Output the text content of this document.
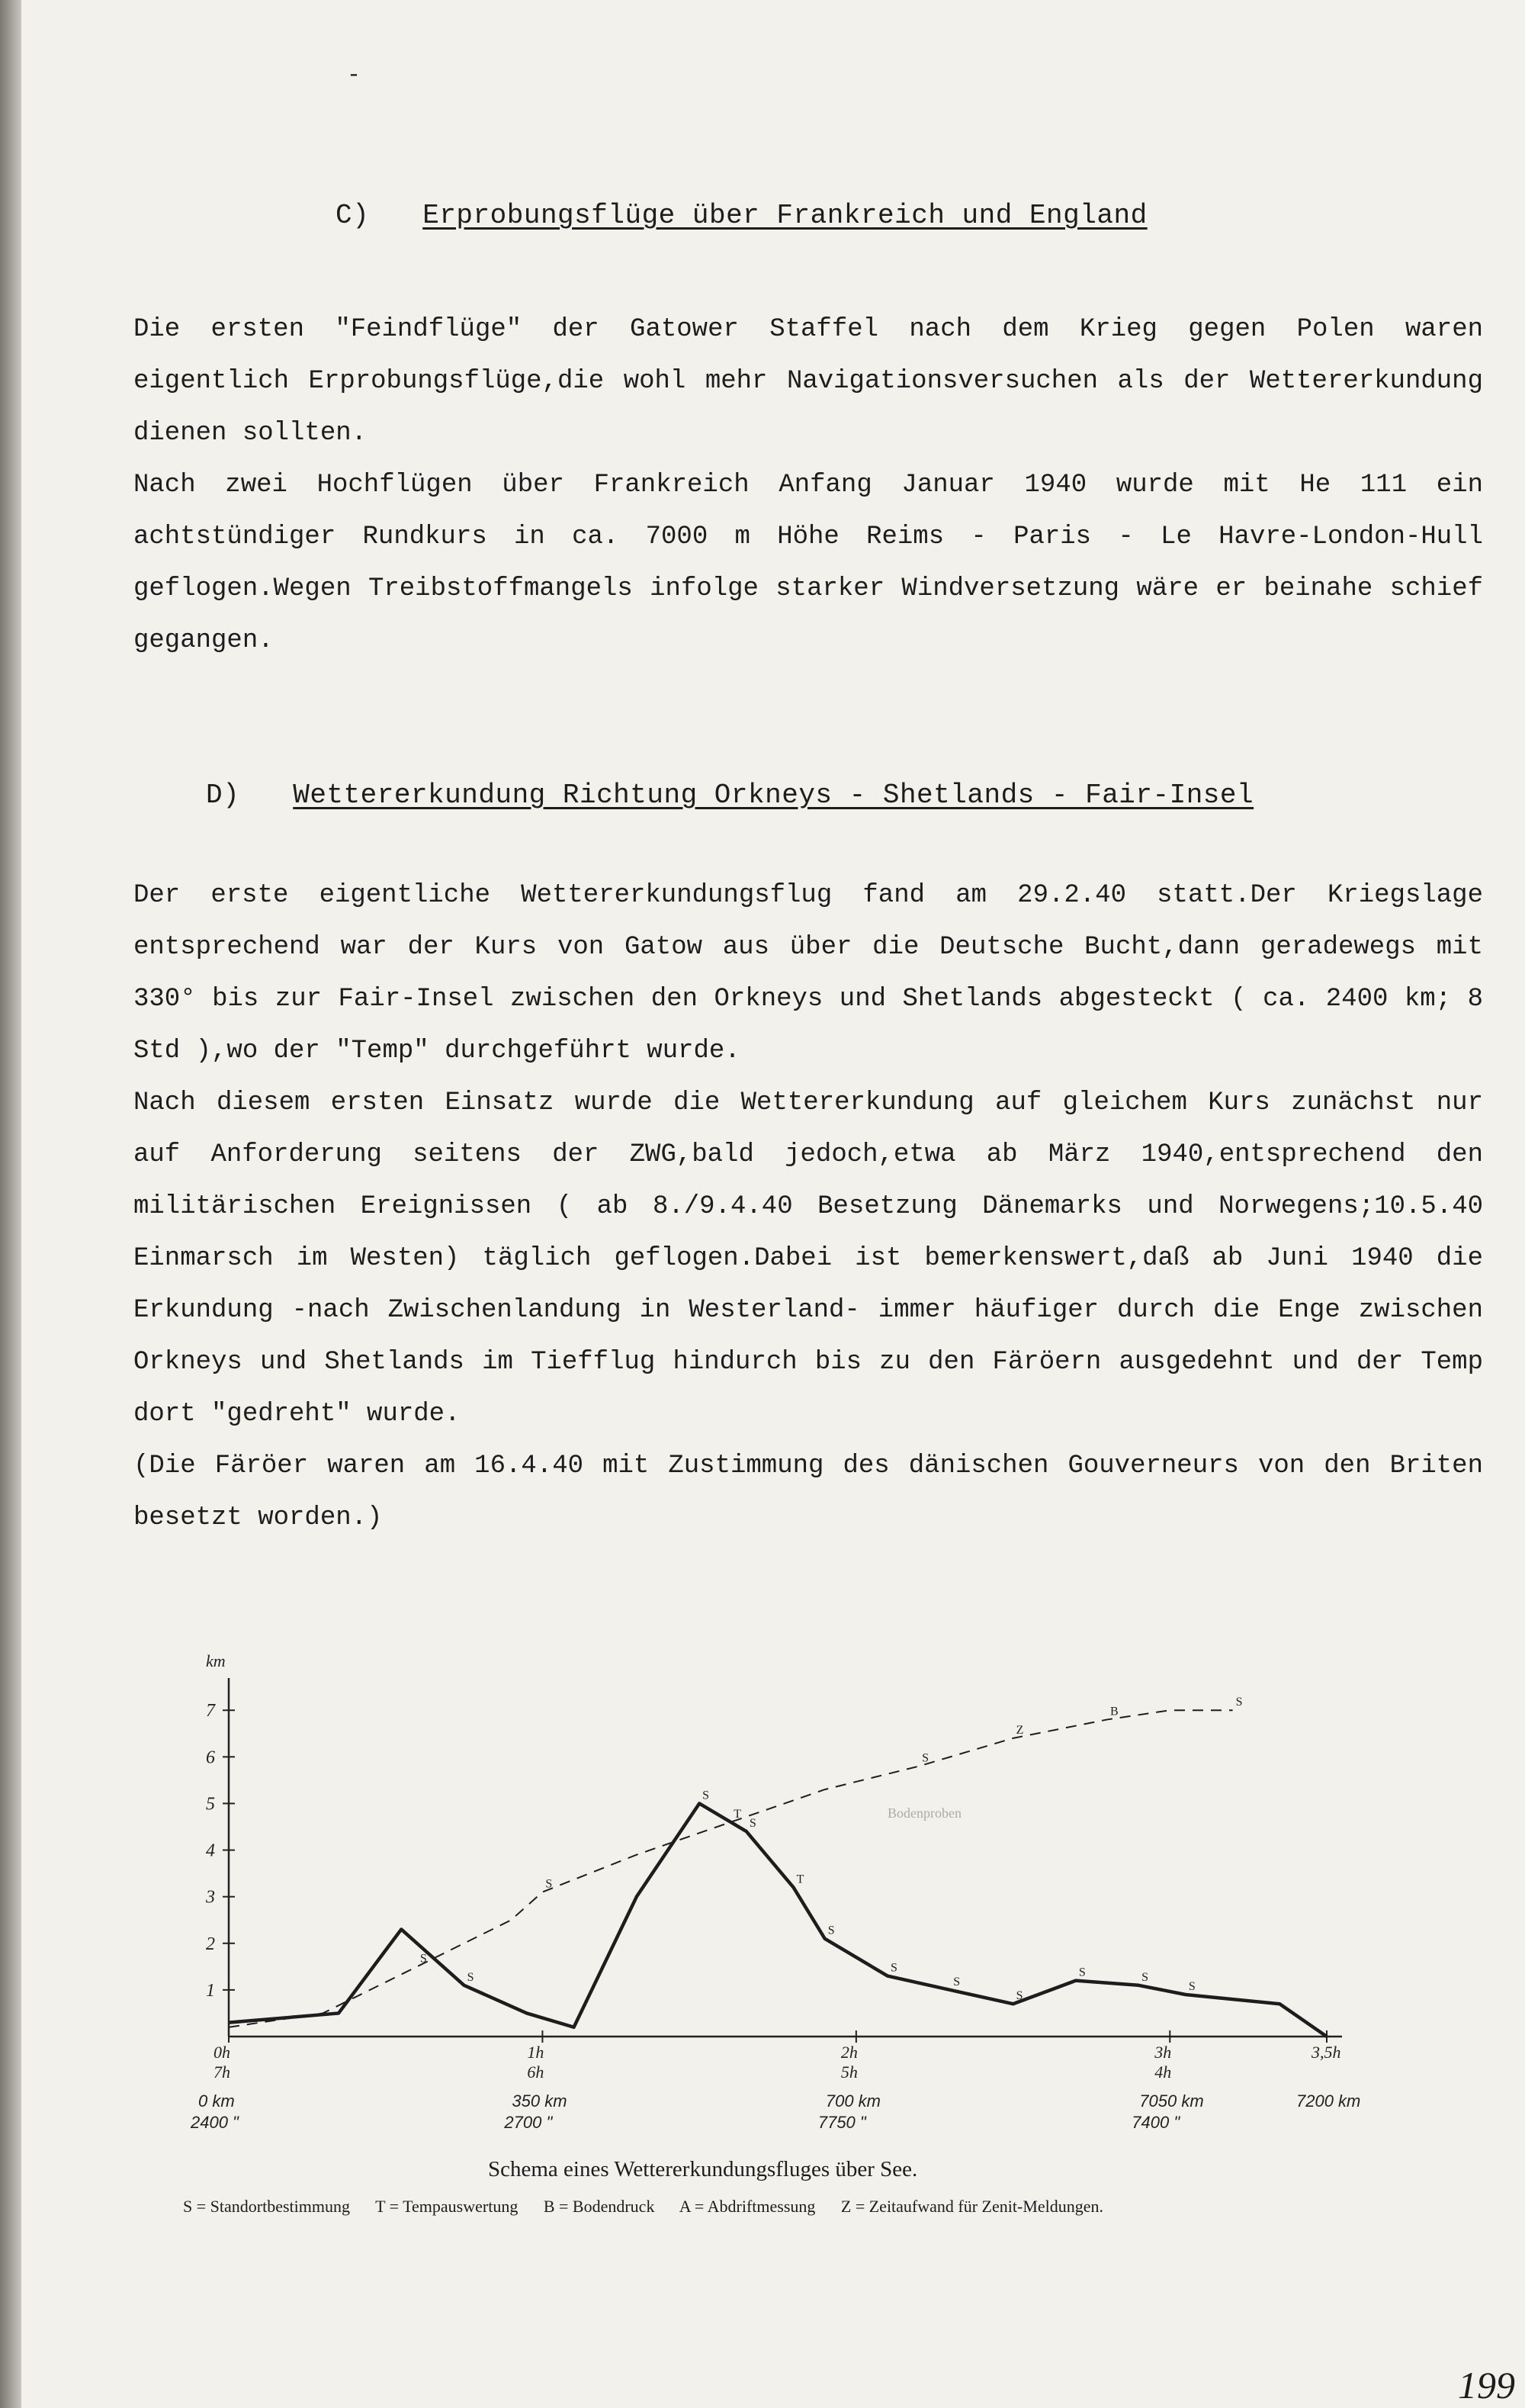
-
C) Erprobungsflüge über Frankreich und England

Die ersten "Feindflüge" der Gatower Staffel nach dem Krieg gegen Polen waren eigentlich Erprobungsflüge,die wohl mehr Navigationsversuchen als der Wettererkundung dienen sollten.

Nach zwei Hochflügen über Frankreich Anfang Januar 1940 wurde mit He 111 ein achtstündiger Rundkurs in ca. 7000 m Höhe Reims - Paris - Le Havre-London-Hull geflogen.Wegen Treibstoffmangels infolge starker Windversetzung wäre er beinahe schief gegangen.

D) Wettererkundung Richtung Orkneys - Shetlands - Fair-Insel

Der erste eigentliche Wettererkundungsflug fand am 29.2.40 statt.Der Kriegslage entsprechend war der Kurs von Gatow aus über die Deutsche Bucht,dann geradewegs mit 330° bis zur Fair-Insel zwischen den Orkneys und Shetlands abgesteckt ( ca. 2400 km; 8 Std ),wo der "Temp" durchgeführt wurde.

Nach diesem ersten Einsatz wurde die Wettererkundung auf gleichem Kurs zunächst nur auf Anforderung seitens der ZWG,bald jedoch,etwa ab März 1940,entsprechend den militärischen Ereignissen ( ab 8./9.4.40 Besetzung Dänemarks und Norwegens;10.5.40 Einmarsch im Westen) täglich geflogen.Dabei ist bemerkenswert,daß ab Juni 1940 die Erkundung -nach Zwischenlandung in Westerland- immer häufiger durch die Enge zwischen Orkneys und Shetlands im Tiefflug hindurch bis zu den Färöern ausgedehnt und der Temp dort "gedreht" wurde.

(Die Färöer waren am 16.4.40 mit Zustimmung des dänischen Gouverneurs von den Briten besetzt worden.)

km
1
2
3
4
5
6
7
0h
7h
0 km
2400 "
1h
6h
350 km
2700 "
2h
5h
700 km
7750 "
3h
4h
7050 km
7400 "
3,5h
7200 km
S
S
T
S
Z
B
S
S
S
S
T
S
S
S
S
S	S
S
Bodenproben
Schema eines Wettererkundungsfluges über See.
S = Standortbestimmung T = Tempauswertung B = Bodendruck A = Abdriftmessung Z = Zeitaufwand für Zenit-Meldungen.
199
